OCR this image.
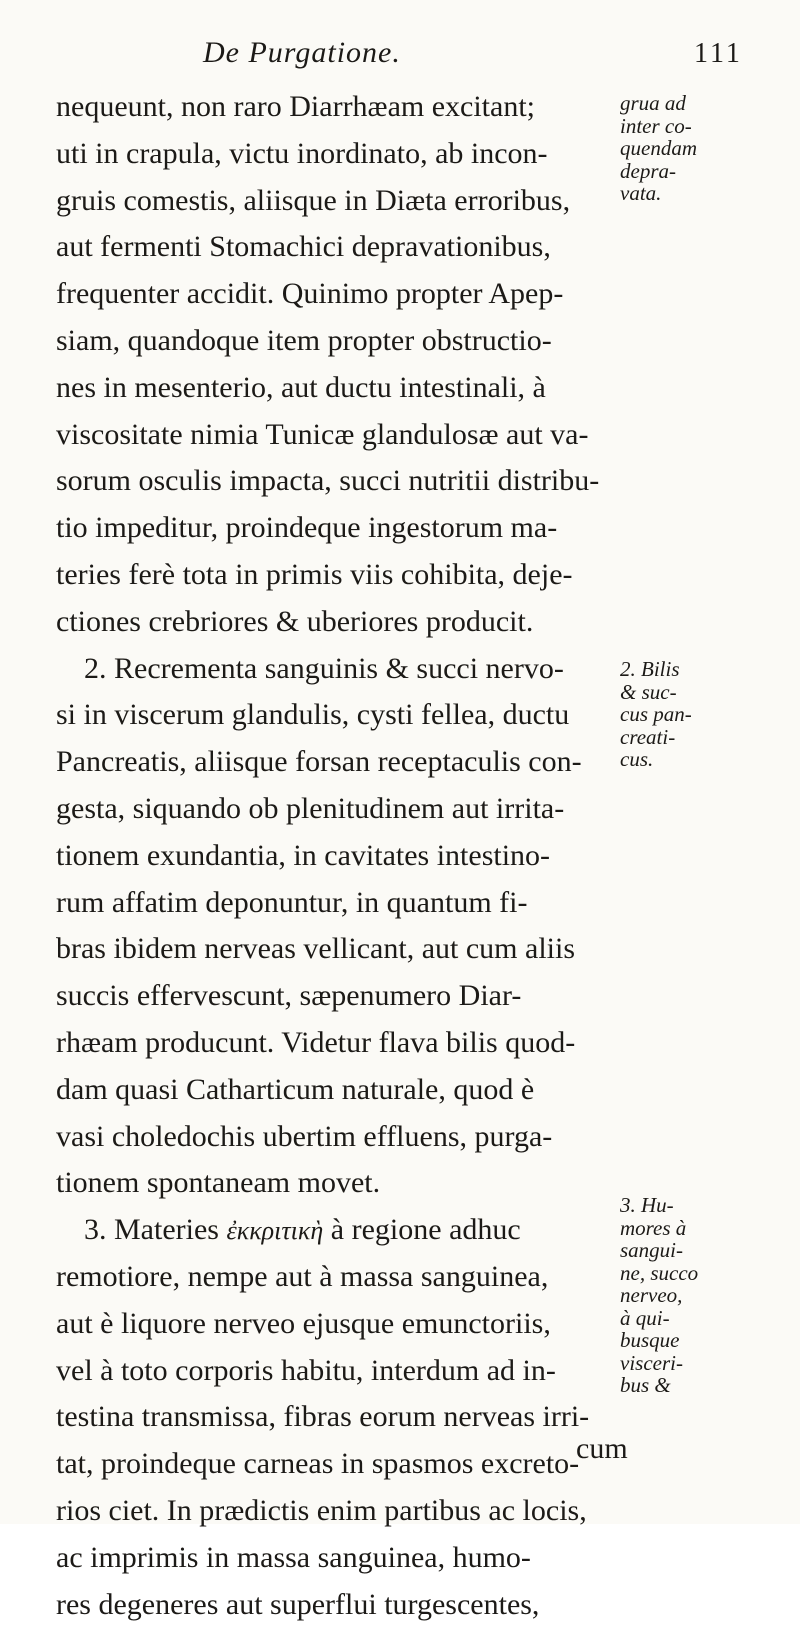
De Purgatione.	111
nequeunt, non raro Diarrhæam excitant;
uti in crapula, victu inordinato, ab incon-
gruis comestis, aliisque in Diæta erroribus,
aut fermenti Stomachici depravationibus,
frequenter accidit. Quinimo propter Apep-
siam, quandoque item propter obstructio-
nes in mesenterio, aut ductu intestinali, à
viscositate nimia Tunicæ glandulosæ aut va-
sorum osculis impacta, succi nutritii distribu-
tio impeditur, proindeque ingestorum ma-
teries ferè tota in primis viis cohibita, deje-
ctiones crebriores & uberiores producit.
2. Recrementa sanguinis & succi nervo-
si in viscerum glandulis, cysti fellea, ductu
Pancreatis, aliisque forsan receptaculis con-
gesta, siquando ob plenitudinem aut irrita-
tionem exundantia, in cavitates intestino-
rum affatim deponuntur, in quantum fi-
bras ibidem nerveas vellicant, aut cum aliis
succis effervescunt, sæpenumero Diar-
rhæam producunt. Videtur flava bilis quod-
dam quasi Catharticum naturale, quod è
vasi choledochis ubertim effluens, purga-
tionem spontaneam movet.
3. Materies ἐκκριτικὴ à regione adhuc
remotiore, nempe aut à massa sanguinea,
aut è liquore nerveo ejusque emunctoriis,
vel à toto corporis habitu, interdum ad in-
testina transmissa, fibras eorum nerveas irri-
tat, proindeque carneas in spasmos excreto-
rios ciet. In prædictis enim partibus ac locis,
ac imprimis in massa sanguinea, humo-
res degeneres aut superflui turgescentes,
grua ad
inter co-
quendam
depra-
vata.
2. Bilis
& suc-
cus pan-
creati-
cus.
3. Hu-
mores à
sangui-
ne, succo
nerveo,
à qui-
busque
visceri-
bus &
cum
